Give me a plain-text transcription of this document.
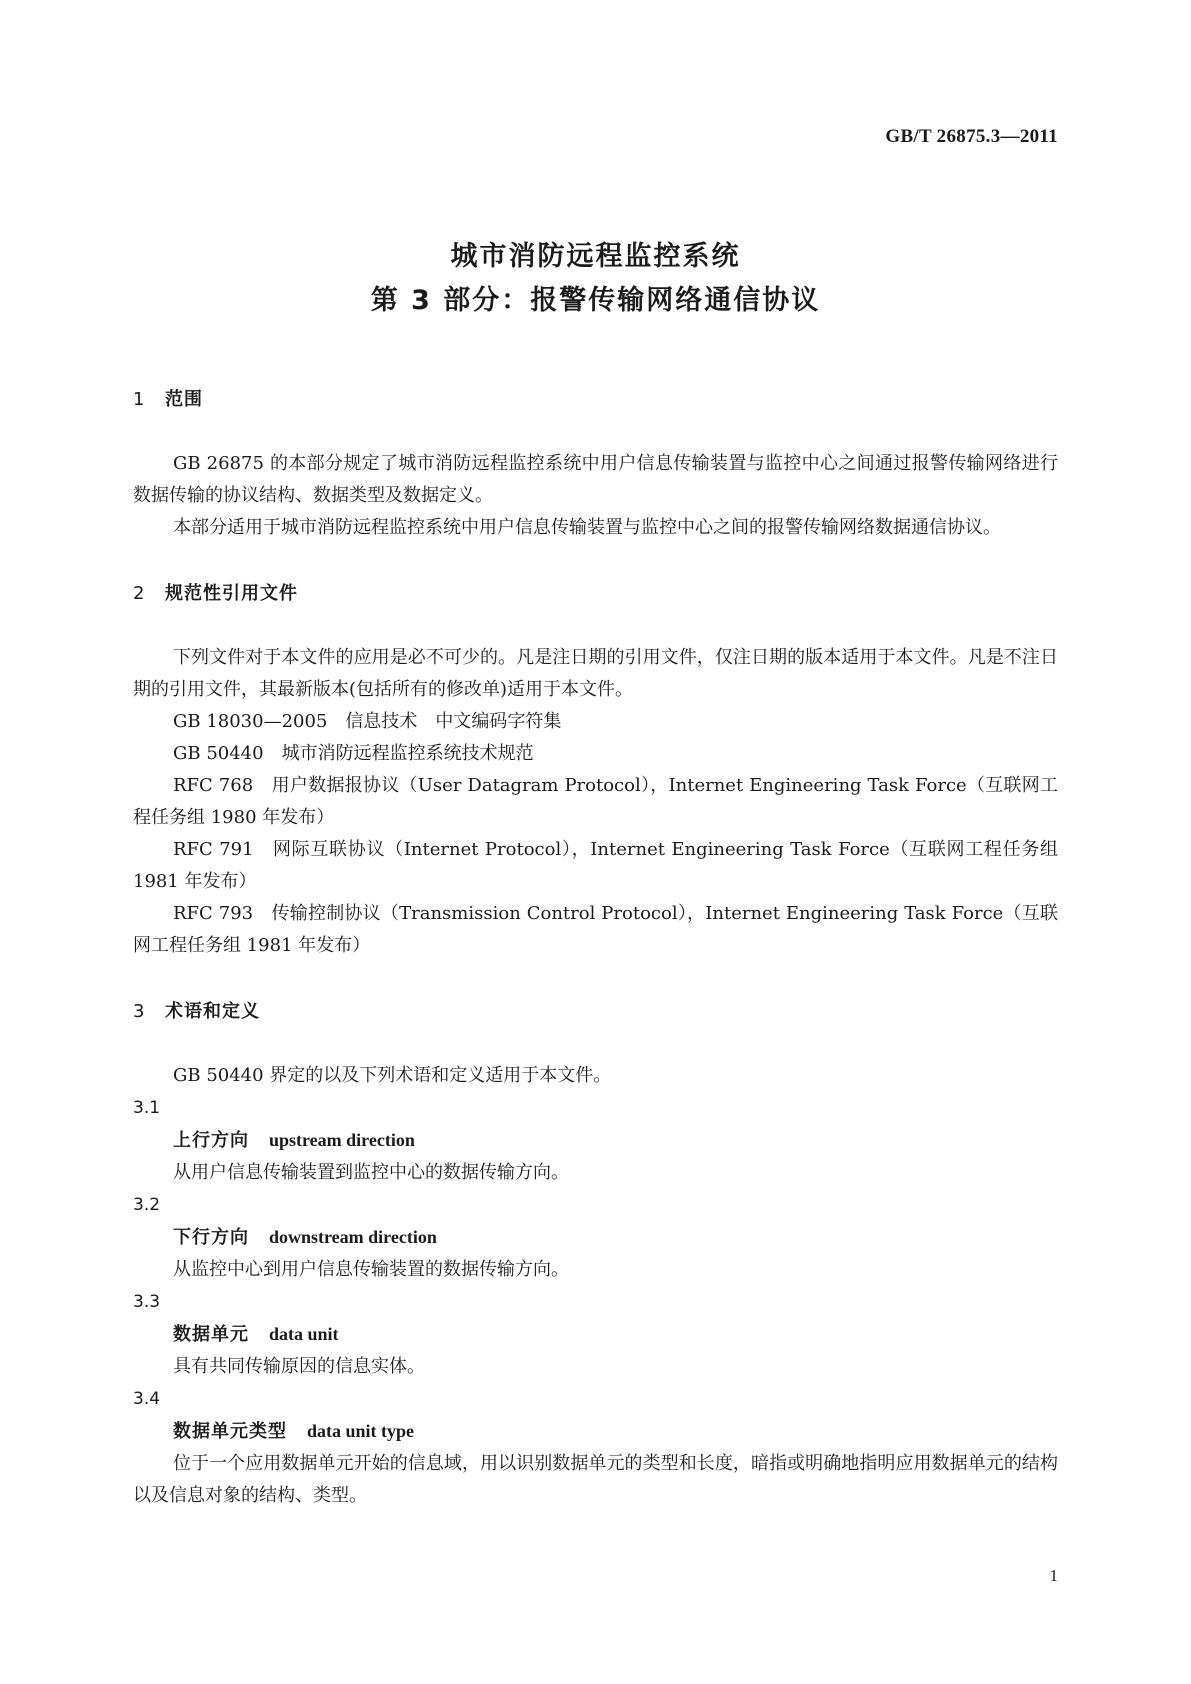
GB/T 26875.3—2011
城市消防远程监控系统
第 3 部分：报警传输网络通信协议
1 范围

GB 26875 的本部分规定了城市消防远程监控系统中用户信息传输装置与监控中心之间通过报警传输网络进行数据传输的协议结构、数据类型及数据定义。

本部分适用于城市消防远程监控系统中用户信息传输装置与监控中心之间的报警传输网络数据通信协议。

2 规范性引用文件

下列文件对于本文件的应用是必不可少的。凡是注日期的引用文件，仅注日期的版本适用于本文件。凡是不注日期的引用文件，其最新版本(包括所有的修改单)适用于本文件。

GB 18030—2005　信息技术　中文编码字符集

GB 50440　城市消防远程监控系统技术规范

RFC 768　用户数据报协议（User Datagram Protocol），Internet Engineering Task Force（互联网工程任务组 1980 年发布）

RFC 791　网际互联协议（Internet Protocol），Internet Engineering Task Force（互联网工程任务组 1981 年发布）

RFC 793　传输控制协议（Transmission Control Protocol），Internet Engineering Task Force（互联网工程任务组 1981 年发布）

3 术语和定义

GB 50440 界定的以及下列术语和定义适用于本文件。

3.1

上行方向 upstream direction

从用户信息传输装置到监控中心的数据传输方向。

3.2

下行方向 downstream direction

从监控中心到用户信息传输装置的数据传输方向。

3.3

数据单元 data unit

具有共同传输原因的信息实体。

3.4

数据单元类型 data unit type

位于一个应用数据单元开始的信息域，用以识别数据单元的类型和长度，暗指或明确地指明应用数据单元的结构以及信息对象的结构、类型。

1
